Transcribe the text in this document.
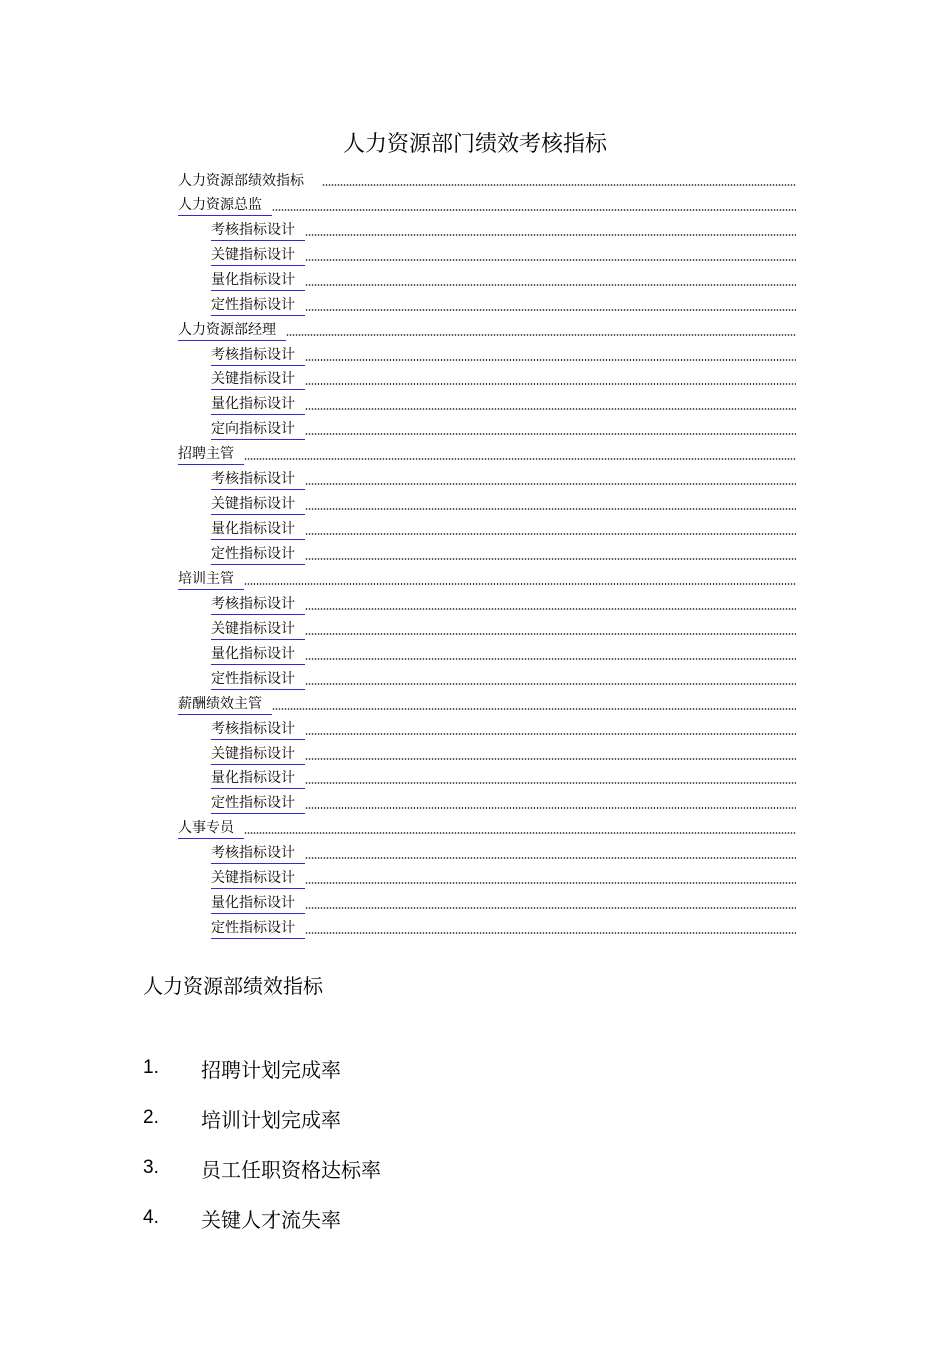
人力资源部门绩效考核指标
人力资源部绩效指标
人力资源总监
考核指标设计
关键指标设计
量化指标设计
定性指标设计
人力资源部经理
考核指标设计
关键指标设计
量化指标设计
定向指标设计
招聘主管
考核指标设计
关键指标设计
量化指标设计
定性指标设计
培训主管
考核指标设计
关键指标设计
量化指标设计
定性指标设计
薪酬绩效主管
考核指标设计
关键指标设计
量化指标设计
定性指标设计
人事专员
考核指标设计
关键指标设计
量化指标设计
定性指标设计
人力资源部绩效指标
1.	招聘计划完成率
2.	培训计划完成率
3.	员工任职资格达标率
4.	关键人才流失率
